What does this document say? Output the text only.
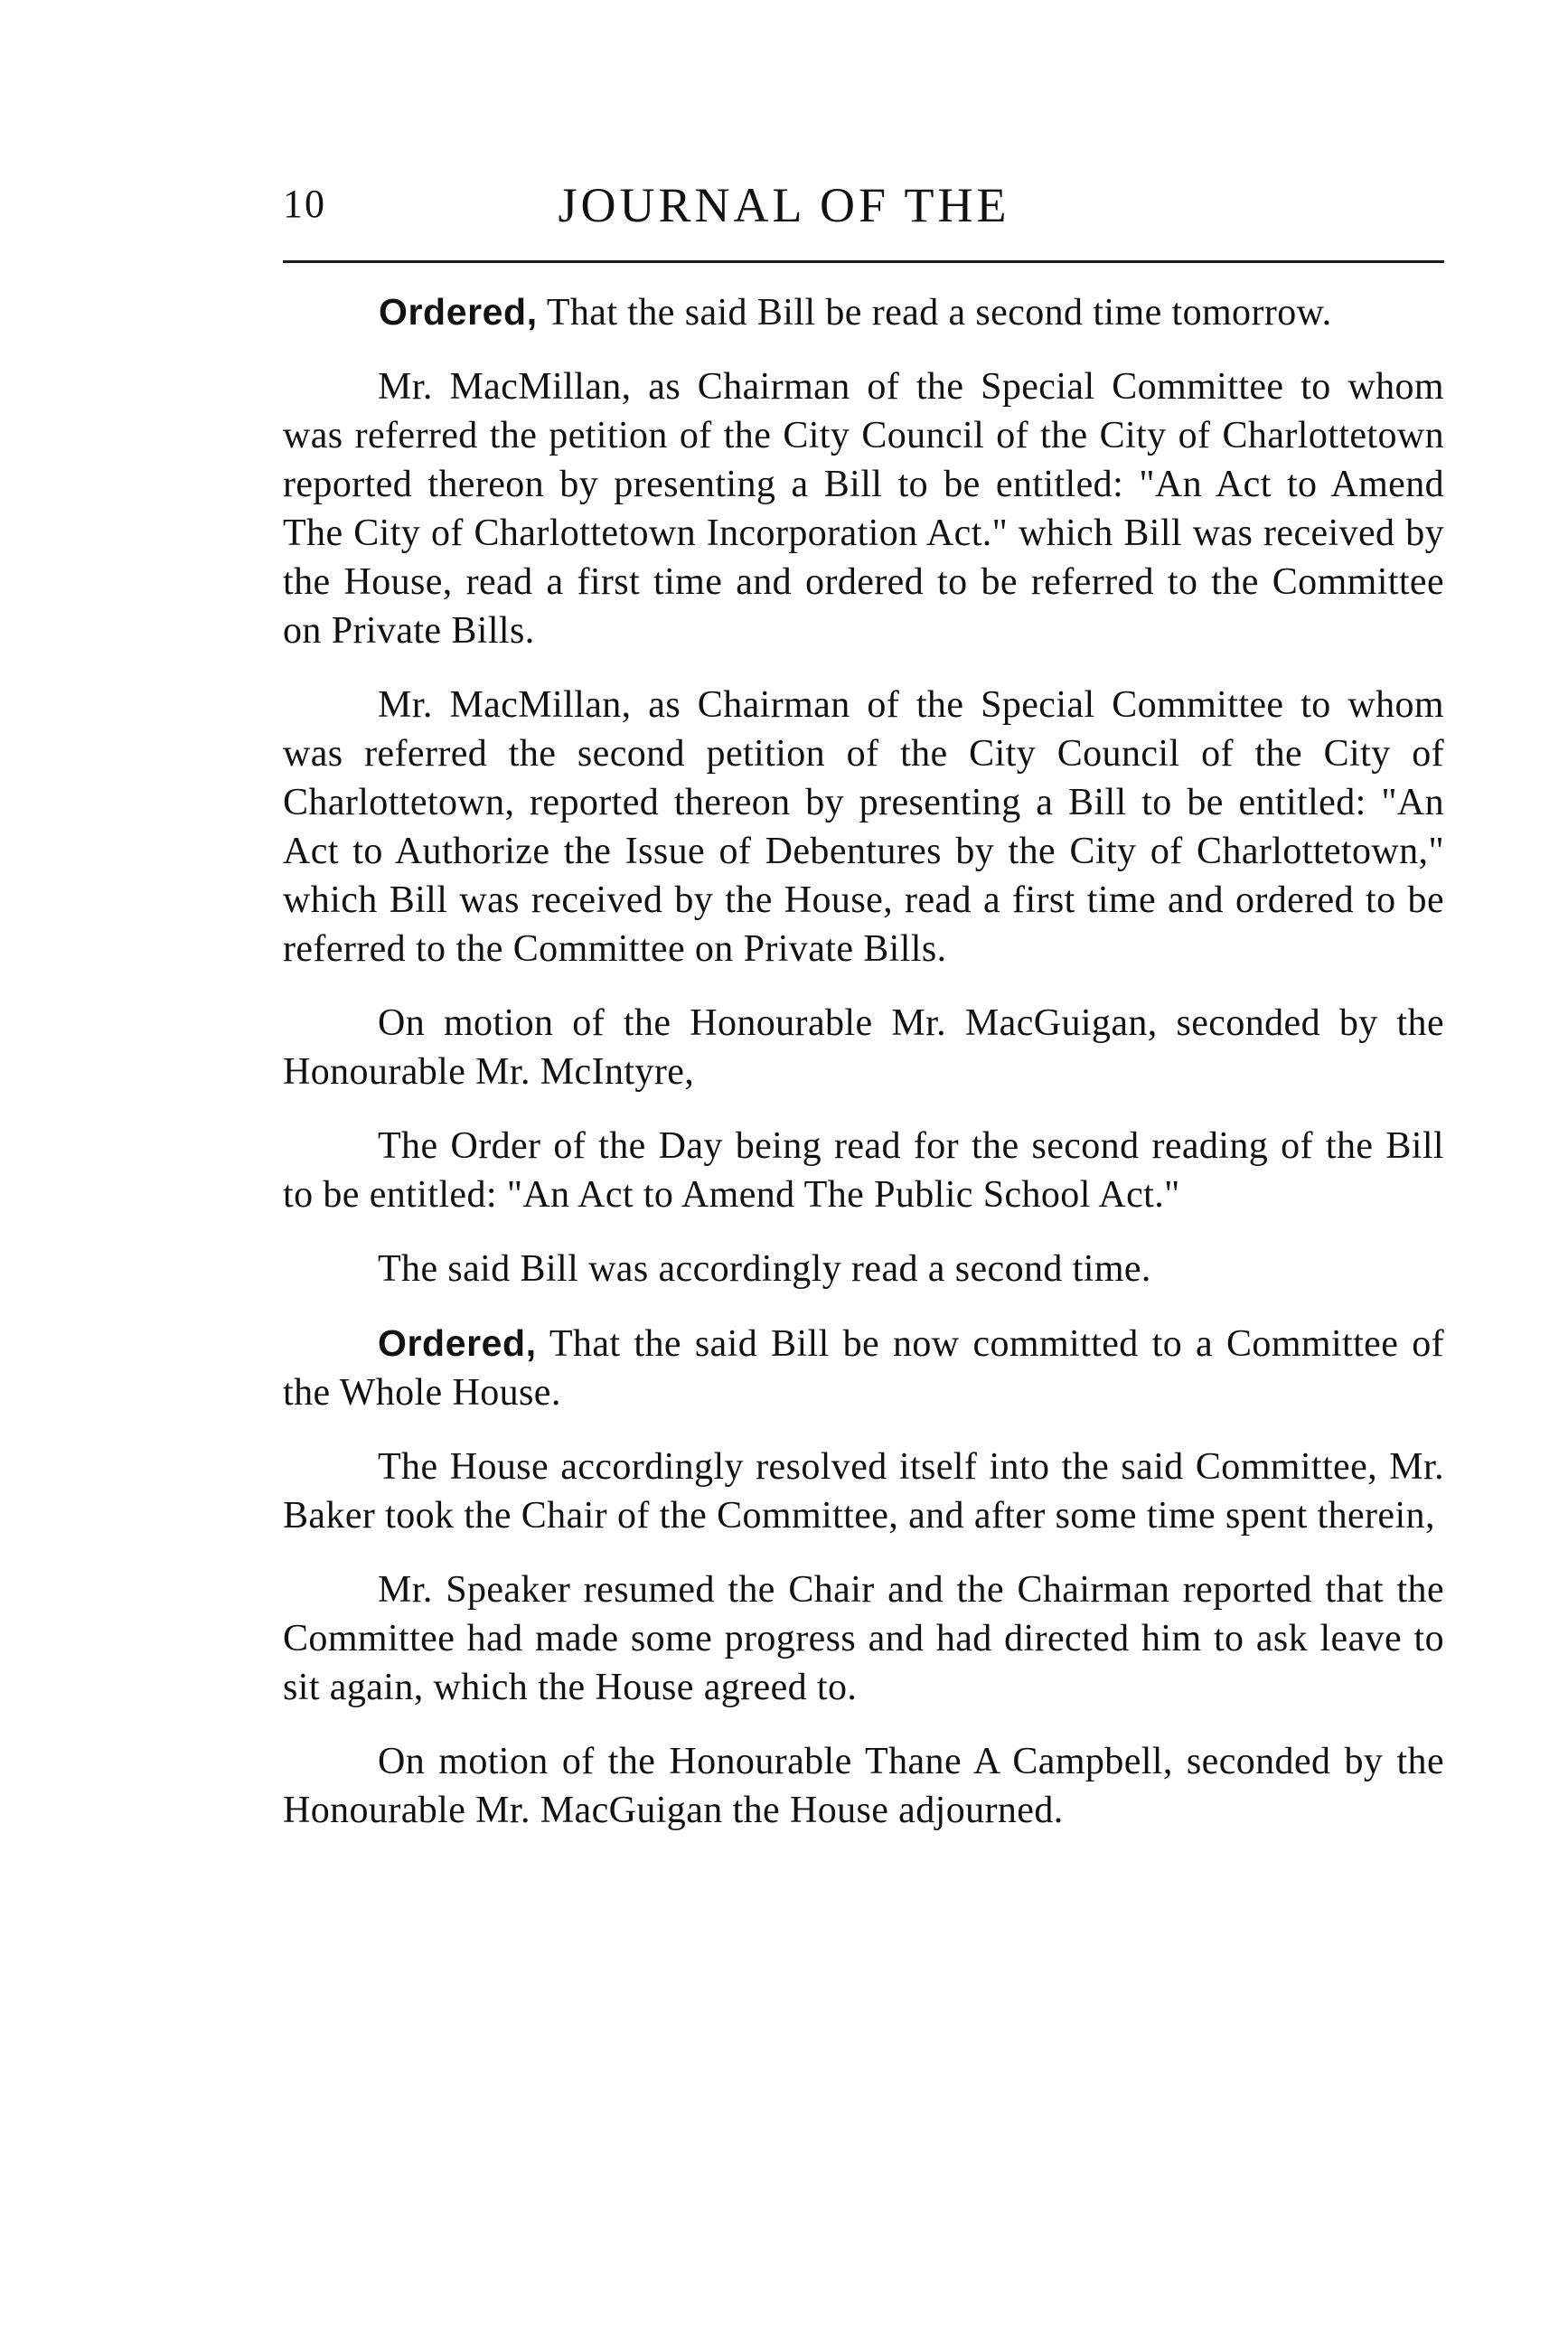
10	JOURNAL OF THE

Ordered, That the said Bill be read a second time tomorrow.

Mr. MacMillan, as Chairman of the Special Committee to whom was referred the petition of the City Council of the City of Charlottetown reported thereon by presenting a Bill to be entitled: "An Act to Amend The City of Charlottetown Incorporation Act." which Bill was received by the House, read a first time and ordered to be referred to the Committee on Private Bills.

Mr. MacMillan, as Chairman of the Special Committee to whom was referred the second petition of the City Council of the City of Charlottetown, reported thereon by presenting a Bill to be entitled: "An Act to Authorize the Issue of Debentures by the City of Charlottetown," which Bill was received by the House, read a first time and ordered to be referred to the Committee on Private Bills.

On motion of the Honourable Mr. MacGuigan, seconded by the Honourable Mr. McIntyre,

The Order of the Day being read for the second reading of the Bill to be entitled: "An Act to Amend The Public School Act."

The said Bill was accordingly read a second time.

Ordered, That the said Bill be now committed to a Committee of the Whole House.

The House accordingly resolved itself into the said Committee, Mr. Baker took the Chair of the Committee, and after some time spent therein,

Mr. Speaker resumed the Chair and the Chairman reported that the Committee had made some progress and had directed him to ask leave to sit again, which the House agreed to.

On motion of the Honourable Thane A Campbell, seconded by the Honourable Mr. MacGuigan the House adjourned.
